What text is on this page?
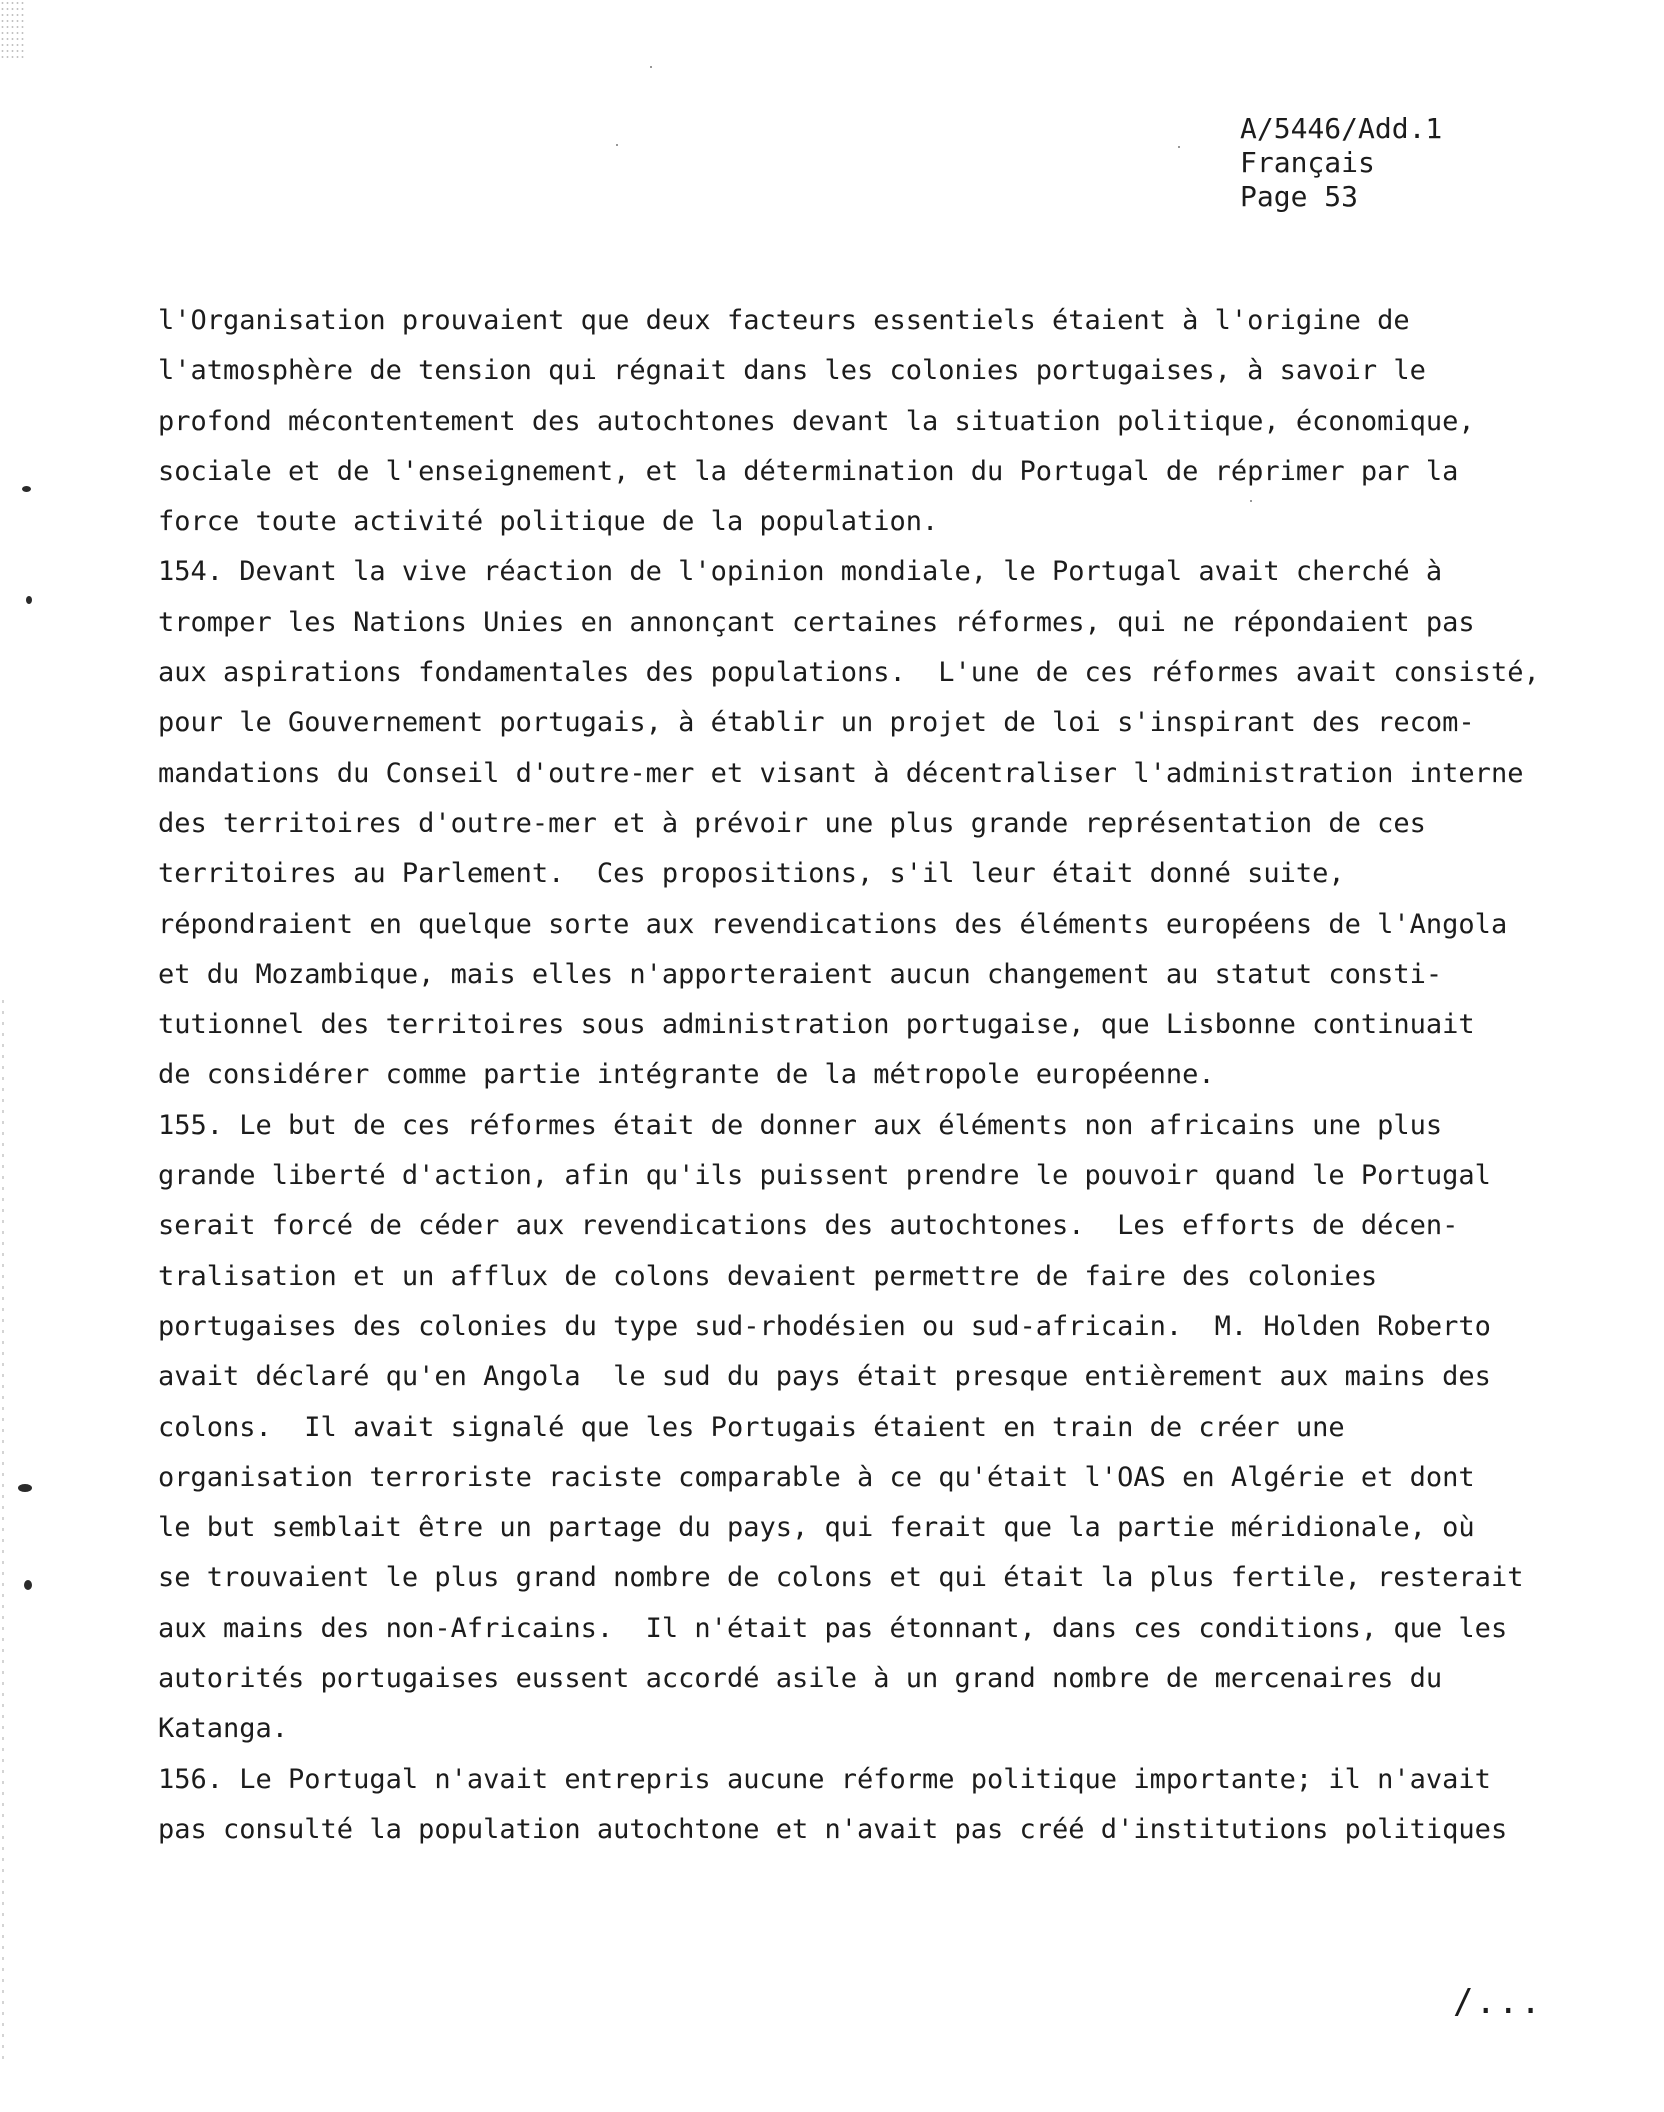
A/5446/Add.1
Français
Page 53
l'Organisation prouvaient que deux facteurs essentiels étaient à l'origine de
l'atmosphère de tension qui régnait dans les colonies portugaises, à savoir le
profond mécontentement des autochtones devant la situation politique, économique,
sociale et de l'enseignement, et la détermination du Portugal de réprimer par la
force toute activité politique de la population.
154. Devant la vive réaction de l'opinion mondiale, le Portugal avait cherché à
tromper les Nations Unies en annonçant certaines réformes, qui ne répondaient pas
aux aspirations fondamentales des populations.  L'une de ces réformes avait consisté,
pour le Gouvernement portugais, à établir un projet de loi s'inspirant des recom-
mandations du Conseil d'outre-mer et visant à décentraliser l'administration interne
des territoires d'outre-mer et à prévoir une plus grande représentation de ces
territoires au Parlement.  Ces propositions, s'il leur était donné suite,
répondraient en quelque sorte aux revendications des éléments européens de l'Angola
et du Mozambique, mais elles n'apporteraient aucun changement au statut consti-
tutionnel des territoires sous administration portugaise, que Lisbonne continuait
de considérer comme partie intégrante de la métropole européenne.
155. Le but de ces réformes était de donner aux éléments non africains une plus
grande liberté d'action, afin qu'ils puissent prendre le pouvoir quand le Portugal
serait forcé de céder aux revendications des autochtones.  Les efforts de décen-
tralisation et un afflux de colons devaient permettre de faire des colonies
portugaises des colonies du type sud-rhodésien ou sud-africain.  M. Holden Roberto
avait déclaré qu'en Angola  le sud du pays était presque entièrement aux mains des
colons.  Il avait signalé que les Portugais étaient en train de créer une
organisation terroriste raciste comparable à ce qu'était l'OAS en Algérie et dont
le but semblait être un partage du pays, qui ferait que la partie méridionale, où
se trouvaient le plus grand nombre de colons et qui était la plus fertile, resterait
aux mains des non-Africains.  Il n'était pas étonnant, dans ces conditions, que les
autorités portugaises eussent accordé asile à un grand nombre de mercenaires du
Katanga.
156. Le Portugal n'avait entrepris aucune réforme politique importante; il n'avait
pas consulté la population autochtone et n'avait pas créé d'institutions politiques
/...
